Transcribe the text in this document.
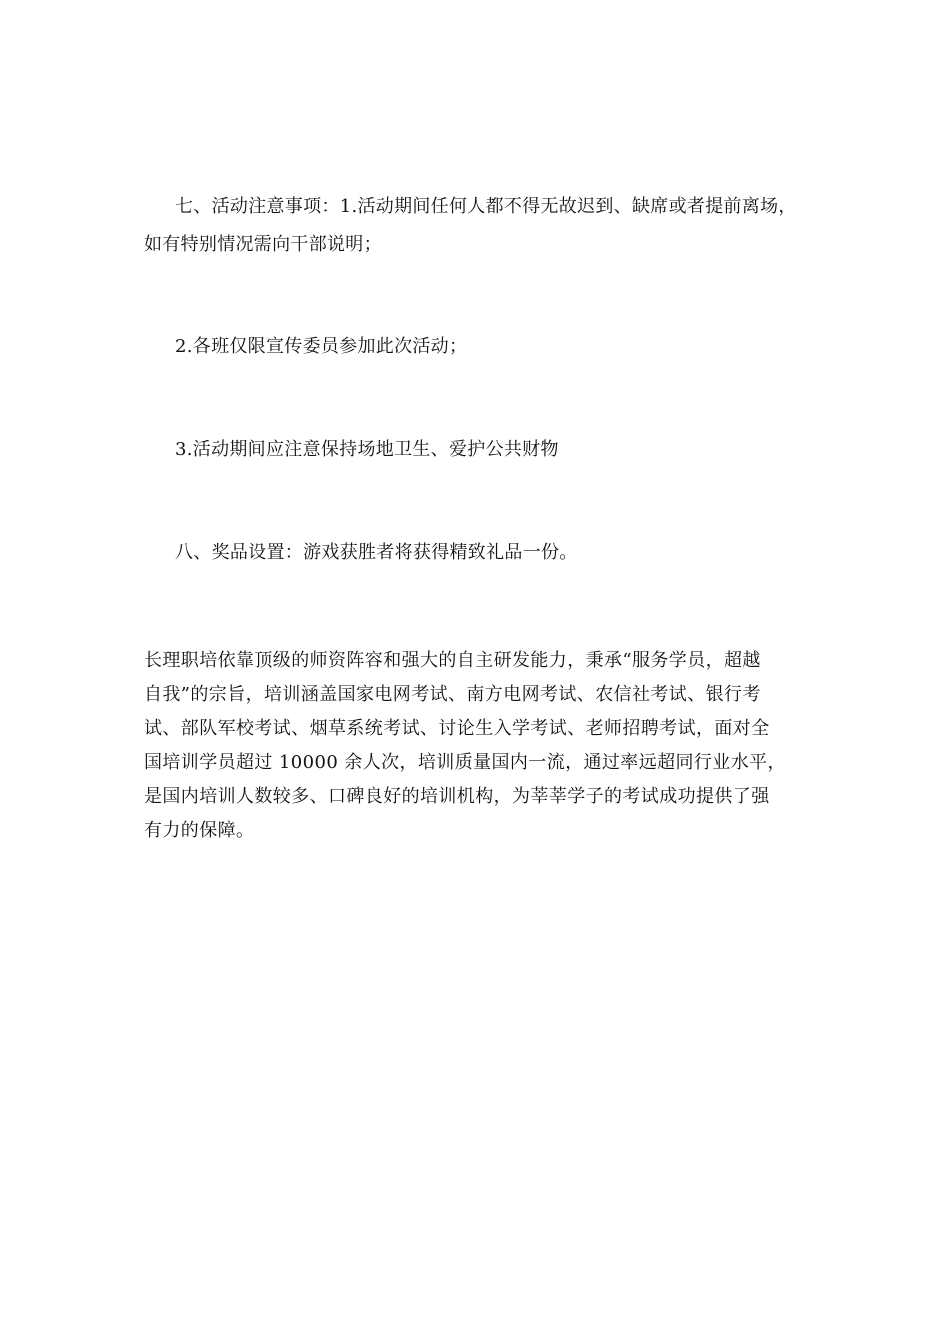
七、活动注意事项：1.活动期间任何人都不得无故迟到、缺席或者提前离场，
如有特别情况需向干部说明；
2.各班仅限宣传委员参加此次活动；
3.活动期间应注意保持场地卫生、爱护公共财物
八、奖品设置：游戏获胜者将获得精致礼品一份。
长理职培依靠顶级的师资阵容和强大的自主研发能力，秉承“服务学员，超越
自我”的宗旨，培训涵盖国家电网考试、南方电网考试、农信社考试、银行考
试、部队军校考试、烟草系统考试、讨论生入学考试、老师招聘考试，面对全
国培训学员超过 10000 余人次，培训质量国内一流，通过率远超同行业水平，
是国内培训人数较多、口碑良好的培训机构，为莘莘学子的考试成功提供了强
有力的保障。
